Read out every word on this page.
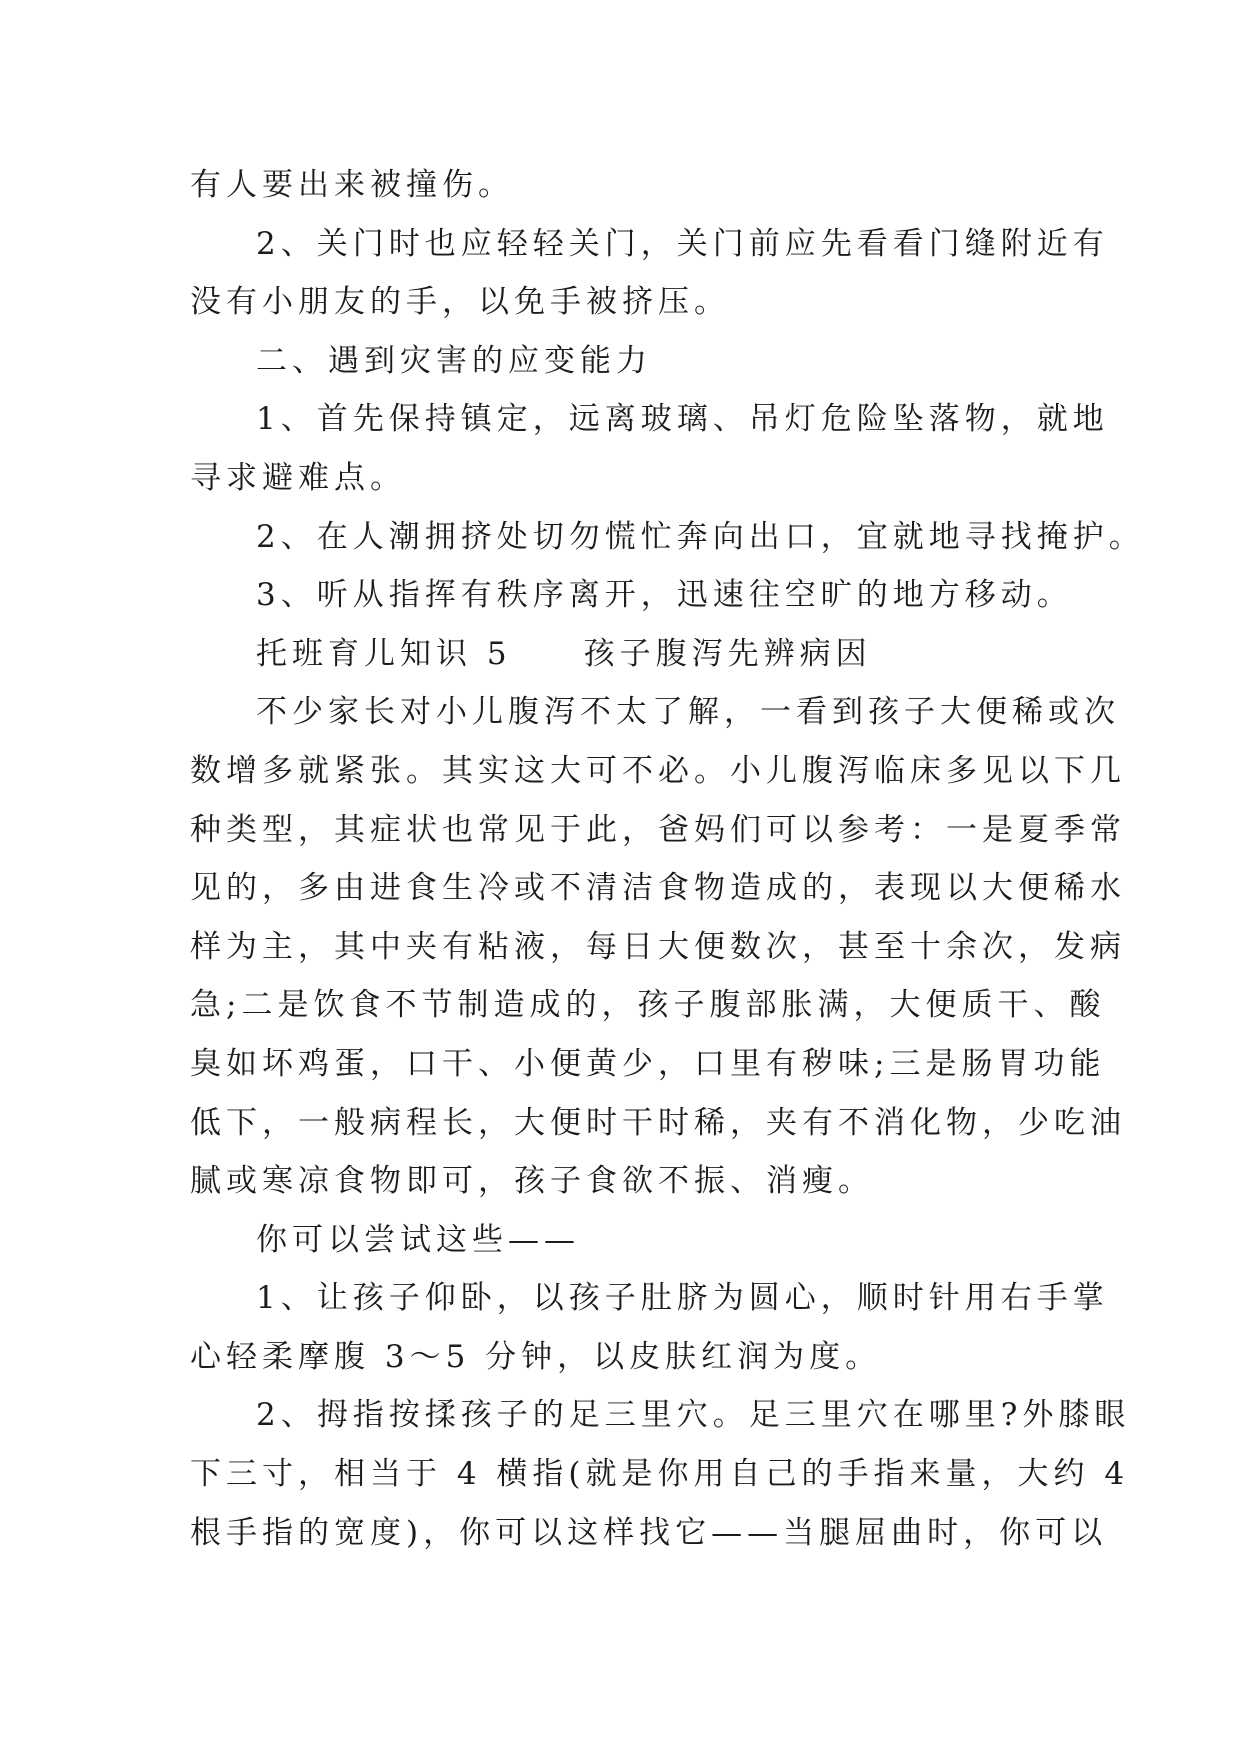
有人要出来被撞伤。
2、关门时也应轻轻关门，关门前应先看看门缝附近有
没有小朋友的手，以免手被挤压。
二、遇到灾害的应变能力
1、首先保持镇定，远离玻璃、吊灯危险坠落物，就地
寻求避难点。
2、在人潮拥挤处切勿慌忙奔向出口，宜就地寻找掩护。
3、听从指挥有秩序离开，迅速往空旷的地方移动。
托班育儿知识 5　　孩子腹泻先辨病因
不少家长对小儿腹泻不太了解，一看到孩子大便稀或次
数增多就紧张。其实这大可不必。小儿腹泻临床多见以下几
种类型，其症状也常见于此，爸妈们可以参考：一是夏季常
见的，多由进食生冷或不清洁食物造成的，表现以大便稀水
样为主，其中夹有粘液，每日大便数次，甚至十余次，发病
急;二是饮食不节制造成的，孩子腹部胀满，大便质干、酸
臭如坏鸡蛋，口干、小便黄少，口里有秽味;三是肠胃功能
低下，一般病程长，大便时干时稀，夹有不消化物，少吃油
腻或寒凉食物即可，孩子食欲不振、消瘦。
你可以尝试这些——
1、让孩子仰卧，以孩子肚脐为圆心，顺时针用右手掌
心轻柔摩腹 3～5 分钟，以皮肤红润为度。
2、拇指按揉孩子的足三里穴。足三里穴在哪里?外膝眼
下三寸，相当于 4 横指(就是你用自己的手指来量，大约 4
根手指的宽度)，你可以这样找它——当腿屈曲时，你可以
